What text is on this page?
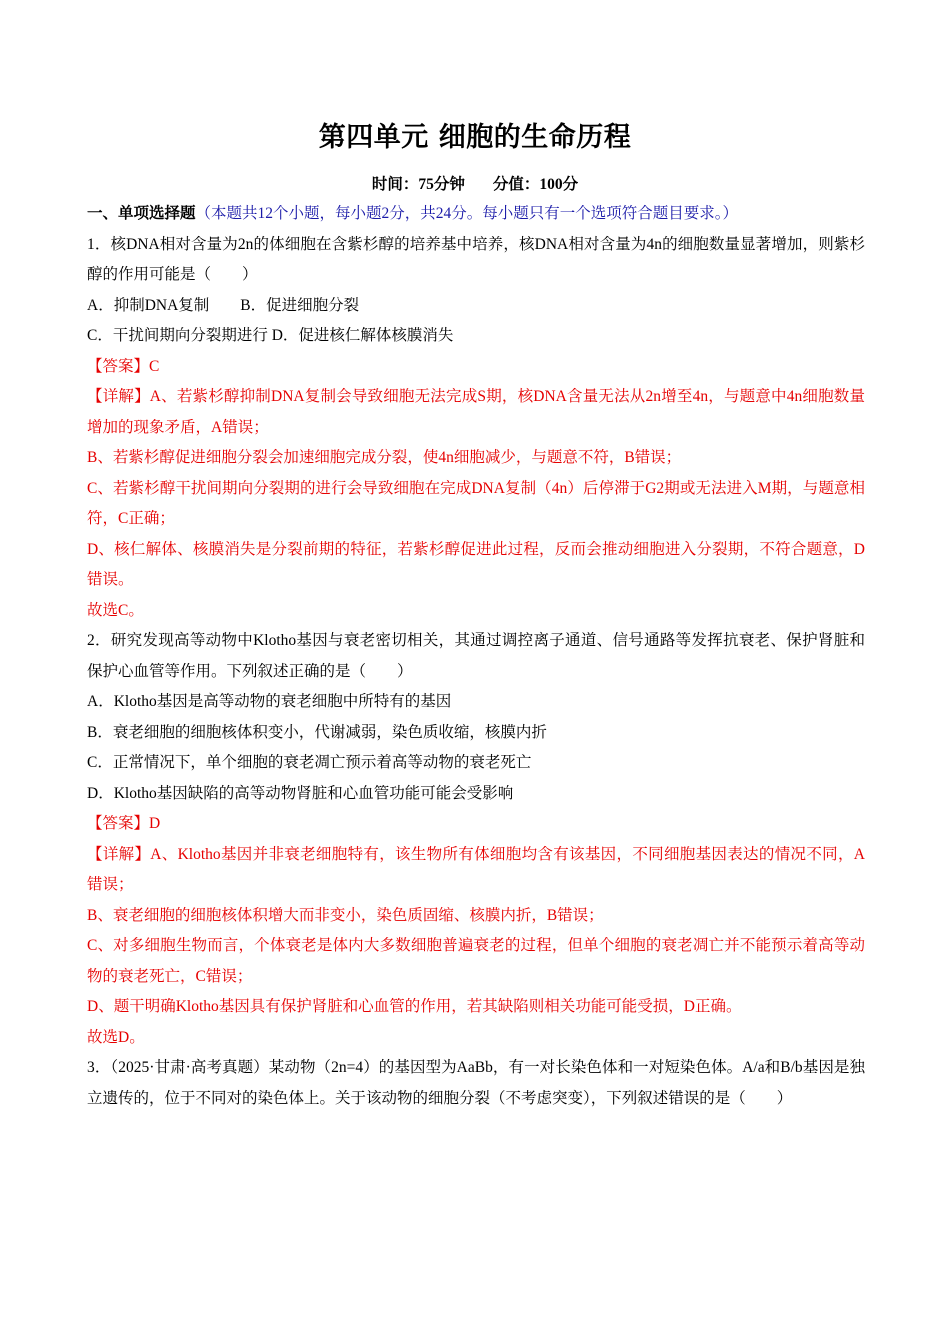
第四单元 细胞的生命历程
时间：75分钟 分值：100分

一、单项选择题（本题共12个小题，每小题2分，共24分。每小题只有一个选项符合题目要求。）

1．核DNA相对含量为2n的体细胞在含紫杉醇的培养基中培养，核DNA相对含量为4n的细胞数量显著增加，则紫杉醇的作用可能是（　　）

A．抑制DNA复制　　B．促进细胞分裂

C．干扰间期向分裂期进行 D．促进核仁解体核膜消失

【答案】C

【详解】A、若紫杉醇抑制DNA复制会导致细胞无法完成S期，核DNA含量无法从2n增至4n，与题意中4n细胞数量增加的现象矛盾，A错误；

B、若紫杉醇促进细胞分裂会加速细胞完成分裂，使4n细胞减少，与题意不符，B错误；

C、若紫杉醇干扰间期向分裂期的进行会导致细胞在完成DNA复制（4n）后停滞于G2期或无法进入M期，与题意相符，C正确；

D、核仁解体、核膜消失是分裂前期的特征，若紫杉醇促进此过程，反而会推动细胞进入分裂期，不符合题意，D错误。

故选C。

2．研究发现高等动物中Klotho基因与衰老密切相关，其通过调控离子通道、信号通路等发挥抗衰老、保护肾脏和保护心血管等作用。下列叙述正确的是（　　）

A．Klotho基因是高等动物的衰老细胞中所特有的基因

B．衰老细胞的细胞核体积变小，代谢减弱，染色质收缩，核膜内折

C．正常情况下，单个细胞的衰老凋亡预示着高等动物的衰老死亡

D．Klotho基因缺陷的高等动物肾脏和心血管功能可能会受影响

【答案】D

【详解】A、Klotho基因并非衰老细胞特有，该生物所有体细胞均含有该基因，不同细胞基因表达的情况不同，A错误；

B、衰老细胞的细胞核体积增大而非变小，染色质固缩、核膜内折，B错误；

C、对多细胞生物而言，个体衰老是体内大多数细胞普遍衰老的过程，但单个细胞的衰老凋亡并不能预示着高等动物的衰老死亡，C错误；

D、题干明确Klotho基因具有保护肾脏和心血管的作用，若其缺陷则相关功能可能受损，D正确。

故选D。

3．（2025·甘肃·高考真题）某动物（2n=4）的基因型为AaBb，有一对长染色体和一对短染色体。A/a和B/b基因是独立遗传的，位于不同对的染色体上。关于该动物的细胞分裂（不考虑突变），下列叙述错误的是（　　）
